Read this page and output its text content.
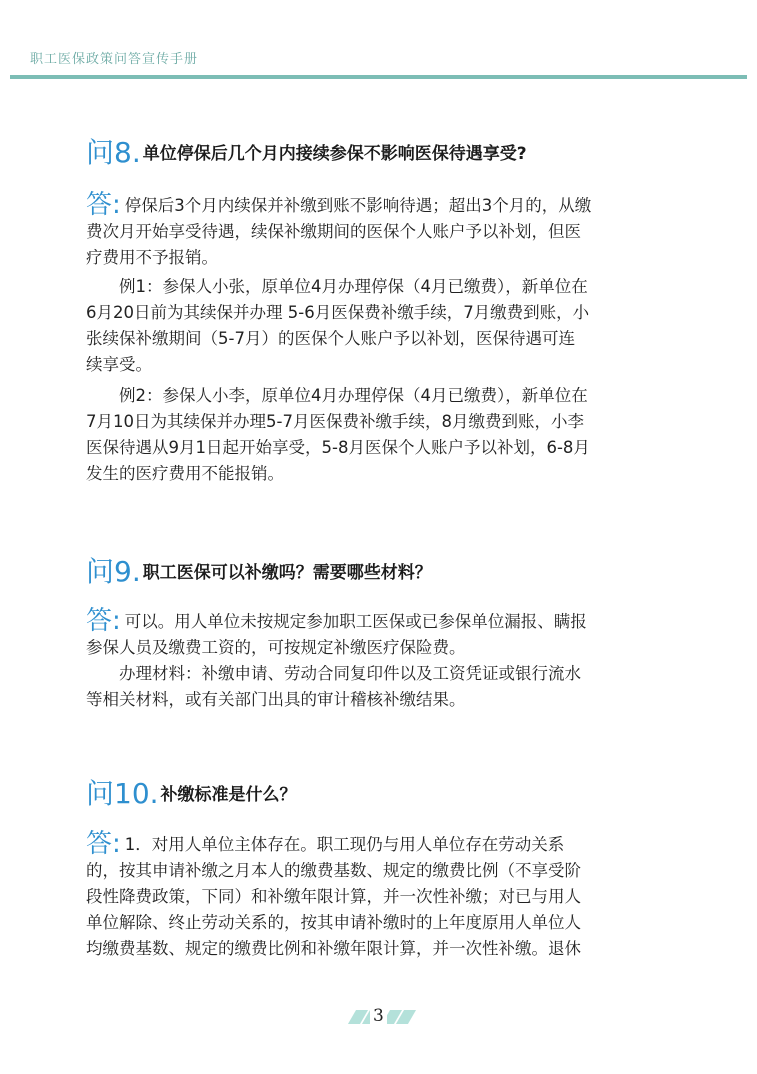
职工医保政策问答宣传手册
问8. 单位停保后几个月内接续参保不影响医保待遇享受?
答: 停保后3个月内续保并补缴到账不影响待遇；超出3个月的，从缴
费次月开始享受待遇，续保补缴期间的医保个人账户予以补划，但医
疗费用不予报销。
例1：参保人小张，原单位4月办理停保（4月已缴费），新单位在
6月20日前为其续保并办理 5-6月医保费补缴手续，7月缴费到账，小
张续保补缴期间（5-7月）的医保个人账户予以补划，医保待遇可连
续享受。
例2：参保人小李，原单位4月办理停保（4月已缴费），新单位在
7月10日为其续保并办理5-7月医保费补缴手续，8月缴费到账，小李
医保待遇从9月1日起开始享受，5-8月医保个人账户予以补划，6-8月
发生的医疗费用不能报销。
问9. 职工医保可以补缴吗？需要哪些材料？
答: 可以。用人单位未按规定参加职工医保或已参保单位漏报、瞒报
参保人员及缴费工资的，可按规定补缴医疗保险费。
办理材料：补缴申请、劳动合同复印件以及工资凭证或银行流水
等相关材料，或有关部门出具的审计稽核补缴结果。
问10. 补缴标准是什么？
答: 1．对用人单位主体存在。职工现仍与用人单位存在劳动关系
的，按其申请补缴之月本人的缴费基数、规定的缴费比例（不享受阶
段性降费政策，下同）和补缴年限计算，并一次性补缴；对已与用人
单位解除、终止劳动关系的，按其申请补缴时的上年度原用人单位人
均缴费基数、规定的缴费比例和补缴年限计算，并一次性补缴。退休
3
